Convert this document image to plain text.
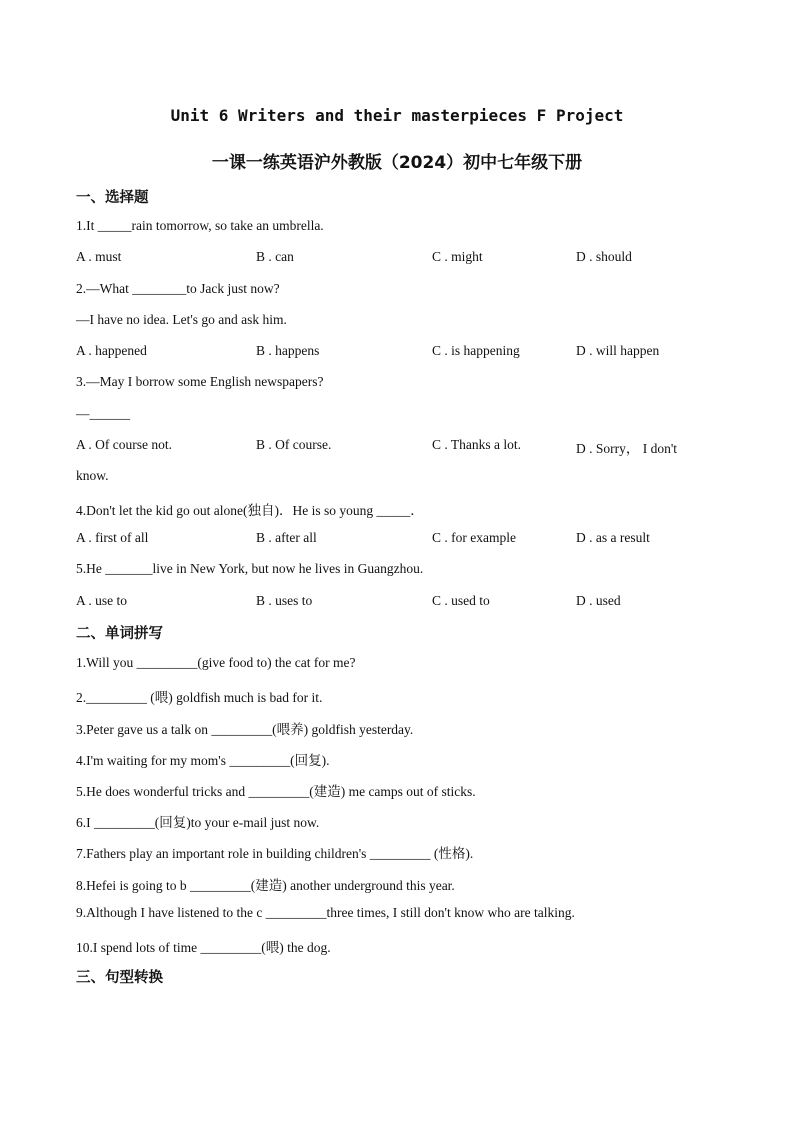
Unit 6 Writers and their masterpieces F Project
一课一练英语沪外教版（2024）初中七年级下册
一、选择题
1.It _____rain tomorrow, so take an umbrella.
A . must	B . can	C . might	D . should
2.—What ________to Jack just now?
—I have no idea. Let's go and ask him.
A . happened	B . happens	C . is happening	D . will happen
3.—May I borrow some English newspapers?
—______
A . Of course not.	B . Of course.	C . Thanks a lot.	D . Sorry， I don't
know.
4.Don't let the kid go out alone(独自)．He is so young _____．
A . first of all	B . after all	C . for example	D . as a result
5.He _______live in New York, but now he lives in Guangzhou.
A . use to	B . uses to	C . used to	D . used
二、单词拼写
1.Will you _________(give food to) the cat for me?
2._________ (喂) goldfish much is bad for it.
3.Peter gave us a talk on _________(喂养) goldfish yesterday.
4.I'm waiting for my mom's _________(回复).
5.He does wonderful tricks and _________(建造) me camps out of sticks.
6.I _________(回复)to your e-mail just now.
7.Fathers play an important role in building children's _________ (性格).
8.Hefei is going to b _________(建造) another underground this year.
9.Although I have listened to the c _________three times, I still don't know who are talking.
10.I spend lots of time _________(喂) the dog.
三、句型转换
